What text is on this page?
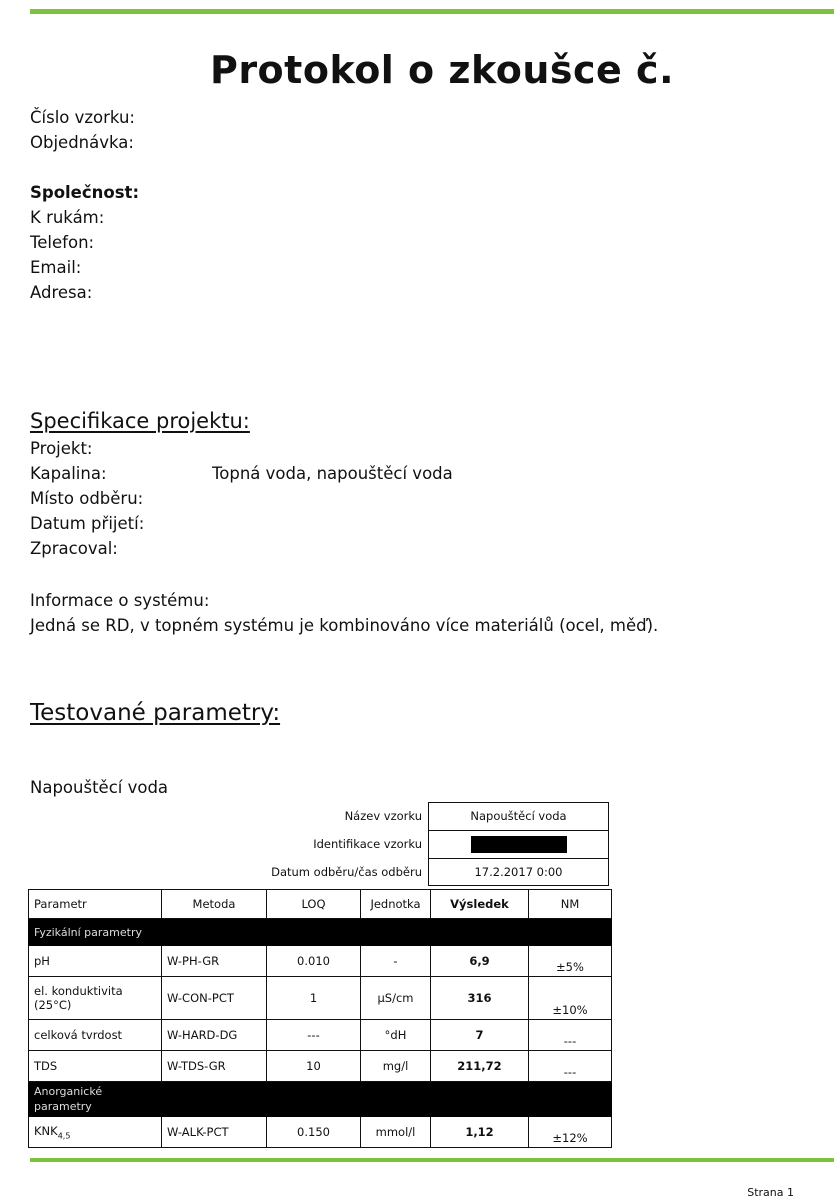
Protokol o zkoušce č.
Číslo vzorku:
Objednávka:
Společnost:
K rukám:
Telefon:
Email:
Adresa:
Specifikace projektu:
Projekt:
Kapalina:	Topná voda, napouštěcí voda
Místo odběru:
Datum přijetí:
Zpracoval:
Informace o systému:
Jedná se RD, v topném systému je kombinováno více materiálů (ocel, měď).
Testované parametry:
Napouštěcí voda
Název vzorku	Napouštěcí voda
Identifikace vzorku
Datum odběru/čas odběru	17.2.2017 0:00
Parametr	Metoda	LOQ	Jednotka	Výsledek	NM
Fyzikální parametry					
pH	W-PH-GR	0.010	-	6,9	±5%
el. konduktivita (25°C)	W-CON-PCT	1	µS/cm	316	±10%
celková tvrdost	W-HARD-DG	---	°dH	7	---
TDS	W-TDS-GR	10	mg/l	211,72	---
Anorganické parametry					
$KNK_{4,5}$	W-ALK-PCT	0.150	mmol/l	1,12	±12%
Strana 1
